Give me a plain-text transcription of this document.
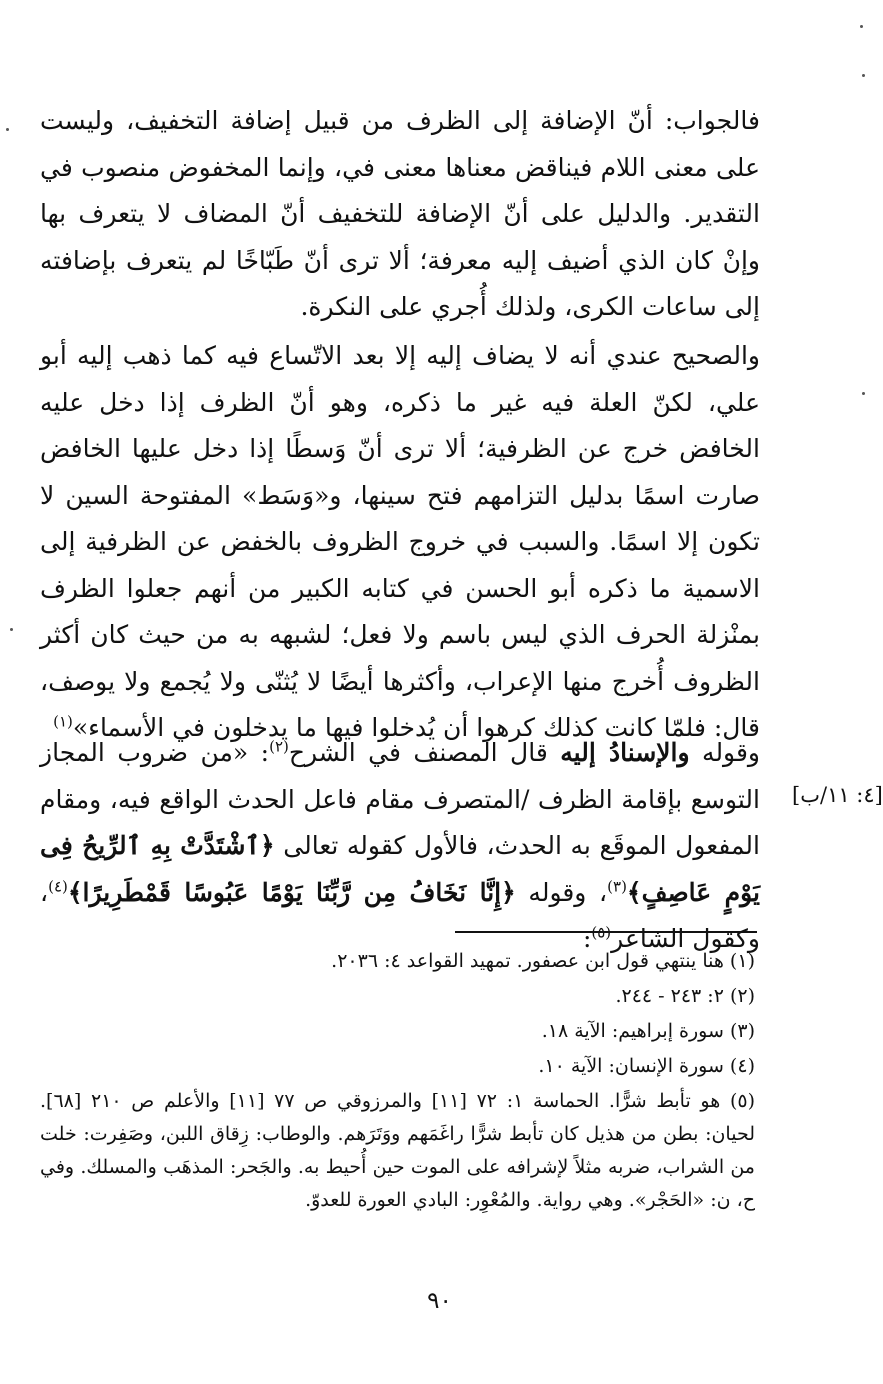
فالجواب: أنّ الإضافة إلى الظرف من قبيل إضافة التخفيف، وليست على معنى اللام فيناقض معناها معنى في، وإنما المخفوض منصوب في التقدير. والدليل على أنّ الإضافة للتخفيف أنّ المضاف لا يتعرف بها وإنْ كان الذي أضيف إليه معرفة؛ ألا ترى أنّ طَبّاخًا لم يتعرف بإضافته إلى ساعات الكرى، ولذلك أُجري على النكرة.
والصحيح عندي أنه لا يضاف إليه إلا بعد الاتّساع فيه كما ذهب إليه أبو علي، لكنّ العلة فيه غير ما ذكره، وهو أنّ الظرف إذا دخل عليه الخافض خرج عن الظرفية؛ ألا ترى أنّ وَسطًا إذا دخل عليها الخافض صارت اسمًا بدليل التزامهم فتح سينها، و«وَسَط» المفتوحة السين لا تكون إلا اسمًا. والسبب في خروج الظروف بالخفض عن الظرفية إلى الاسمية ما ذكره أبو الحسن في كتابه الكبير من أنهم جعلوا الظرف بمنْزلة الحرف الذي ليس باسم ولا فعل؛ لشبهه به من حيث كان أكثر الظروف أُخرج منها الإعراب، وأكثرها أيضًا لا يُثنّى ولا يُجمع ولا يوصف، قال: فلمّا كانت كذلك كرهوا أن يُدخلوا فيها ما يدخلون في الأسماء»$^{(١)}$
[٤: ١١/ب]
وقوله والإسنادُ إليه قال المصنف في الشرح$^{(٢)}$: «من ضروب المجاز التوسع بإقامة الظرف /المتصرف مقام فاعل الحدث الواقع فيه، ومقام المفعول الموقَع به الحدث، فالأول كقوله تعالى ﴿ٱشْتَدَّتْ بِهِ ٱلرِّيحُ فِى يَوْمٍ عَاصِفٍ﴾$^{(٣)}$، وقوله ﴿إِنَّا نَخَافُ مِن رَّبِّنَا يَوْمًا عَبُوسًا قَمْطَرِيرًا﴾$^{(٤)}$، وكقول الشاعر$^{(٥)}$:
(١) هنا ينتهي قول ابن عصفور. تمهيد القواعد ٤: ٢٠٣٦.
(٢) ٢: ٢٤٣ - ٢٤٤.
(٣) سورة إبراهيم: الآية ١٨.
(٤) سورة الإنسان: الآية ١٠.
(٥) هو تأبط شرًّا. الحماسة ١: ٧٢ [١١] والمرزوقي ص ٧٧ [١١] والأعلم ص ٢١٠ [٦٨]. لحيان: بطن من هذيل كان تأبط شرًّا راغَمَهم ووَتَرَهم. والوطاب: زِقاق اللبن، وصَفِرت: خلت من الشراب، ضربه مثلاً لإشرافه على الموت حين أُحيط به. والجَحر: المذهَب والمسلك. وفي ح، ن: «الحَجْر». وهي رواية. والمُعْوِر: البادي العورة للعدوّ.
٩٠
